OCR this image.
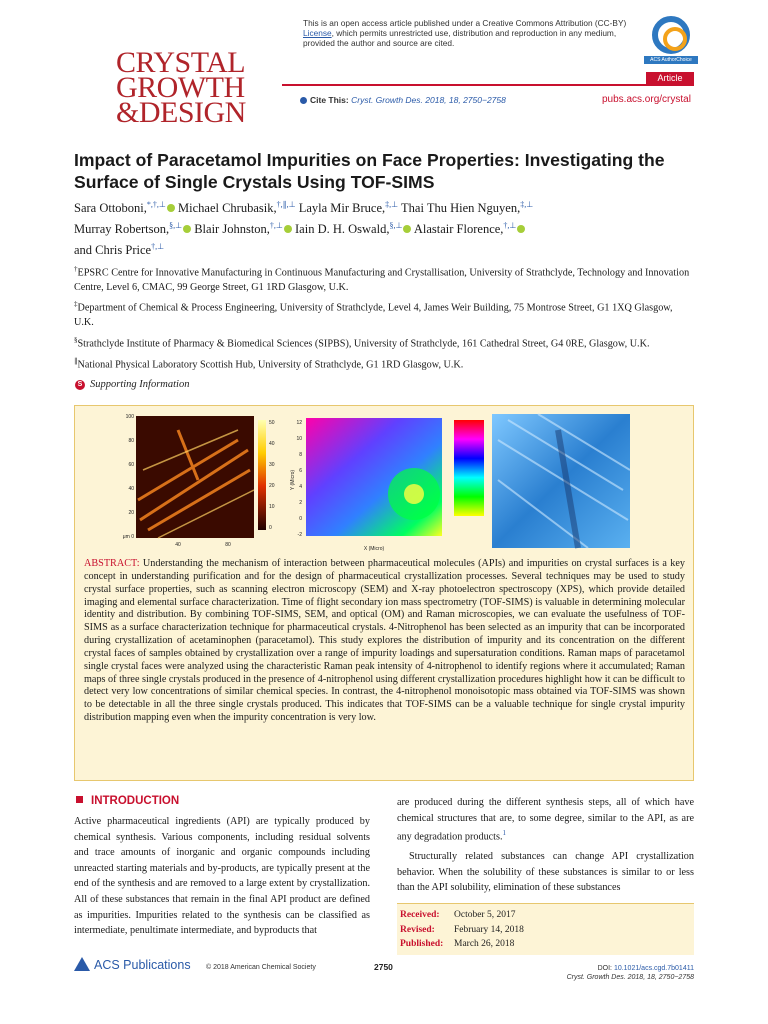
CRYSTAL
GROWTH
&DESIGN
This is an open access article published under a Creative Commons Attribution (CC-BY) License, which permits unrestricted use, distribution and reproduction in any medium, provided the author and source are cited.
ACS AuthorChoice
Article
Cite This: Cryst. Growth Des. 2018, 18, 2750−2758	pubs.acs.org/crystal
Impact of Paracetamol Impurities on Face Properties: Investigating the Surface of Single Crystals Using TOF-SIMS
Sara Ottoboni,*,†,⊥ Michael Chrubasik,†,∥,⊥ Layla Mir Bruce,‡,⊥ Thai Thu Hien Nguyen,‡,⊥
Murray Robertson,§,⊥ Blair Johnston,†,⊥ Iain D. H. Oswald,§,⊥ Alastair Florence,†,⊥
and Chris Price†,⊥

†EPSRC Centre for Innovative Manufacturing in Continuous Manufacturing and Crystallisation, University of Strathclyde, Technology and Innovation Centre, Level 6, CMAC, 99 George Street, G1 1RD Glasgow, U.K.

‡Department of Chemical & Process Engineering, University of Strathclyde, Level 4, James Weir Building, 75 Montrose Street, G1 1XQ Glasgow, U.K.

§Strathclyde Institute of Pharmacy & Biomedical Sciences (SIPBS), University of Strathclyde, 161 Cathedral Street, G4 0RE, Glasgow, U.K.

∥National Physical Laboratory Scottish Hub, University of Strathclyde, G1 1RD Glasgow, U.K.

S Supporting Information
100
80
60
40
20
μm 0
40	80
50
40
30
20
10
0
12
10
8
6
4
2
0
-2
X (Micro)
Y (Micro)
ABSTRACT: Understanding the mechanism of interaction between pharmaceutical molecules (APIs) and impurities on crystal surfaces is a key concept in understanding purification and for the design of pharmaceutical crystallization processes. Several techniques may be used to study crystal surface properties, such as scanning electron microscopy (SEM) and X-ray photoelectron spectroscopy (XPS), which provide detailed imaging and elemental surface characterization. Time of flight secondary ion mass spectrometry (TOF-SIMS) is valuable in determining molecular identity and distribution. By combining TOF-SIMS, SEM, and optical (OM) and Raman microscopies, we can evaluate the usefulness of TOF-SIMS as a surface characterization technique for pharmaceutical crystals. 4-Nitrophenol has been selected as an impurity that can be incorporated during crystallization of acetaminophen (paracetamol). This study explores the distribution of impurity and its concentration on the different crystal faces of samples obtained by crystallization over a range of impurity loadings and supersaturation conditions. Raman maps of paracetamol single crystal faces were analyzed using the characteristic Raman peak intensity of 4-nitrophenol to identify regions where it accumulated; Raman maps of three single crystals produced in the presence of 4-nitrophenol using different crystallization procedures highlight how it can be difficult to detect very low concentrations of similar chemical species. In contrast, the 4-nitrophenol monoisotopic mass obtained via TOF-SIMS was shown to be detectable in all the three single crystals produced. This indicates that TOF-SIMS can be a valuable technique for single crystal impurity distribution mapping even when the impurity concentration is very low.
INTRODUCTION
Active pharmaceutical ingredients (API) are typically produced by chemical synthesis. Various components, including residual solvents and trace amounts of inorganic and organic compounds including unreacted starting materials and by-products, are typically present at the end of the synthesis and are removed to a large extent by crystallization. All of these substances that remain in the final API product are defined as impurities. Impurities related to the synthesis can be classified as intermediate, penultimate intermediate, and byproducts that

are produced during the different synthesis steps, all of which have chemical structures that are, to some degree, similar to the API, as are any degradation products.$^1$

Structurally related substances can change API crystallization behavior. When the solubility of these substances is similar to or less than the API solubility, elimination of these substances

Received: October 5, 2017
Revised: February 14, 2018
Published: March 26, 2018
ACS Publications © 2018 American Chemical Society	2750	DOI: 10.1021/acs.cgd.7b01411
Cryst. Growth Des. 2018, 18, 2750−2758
